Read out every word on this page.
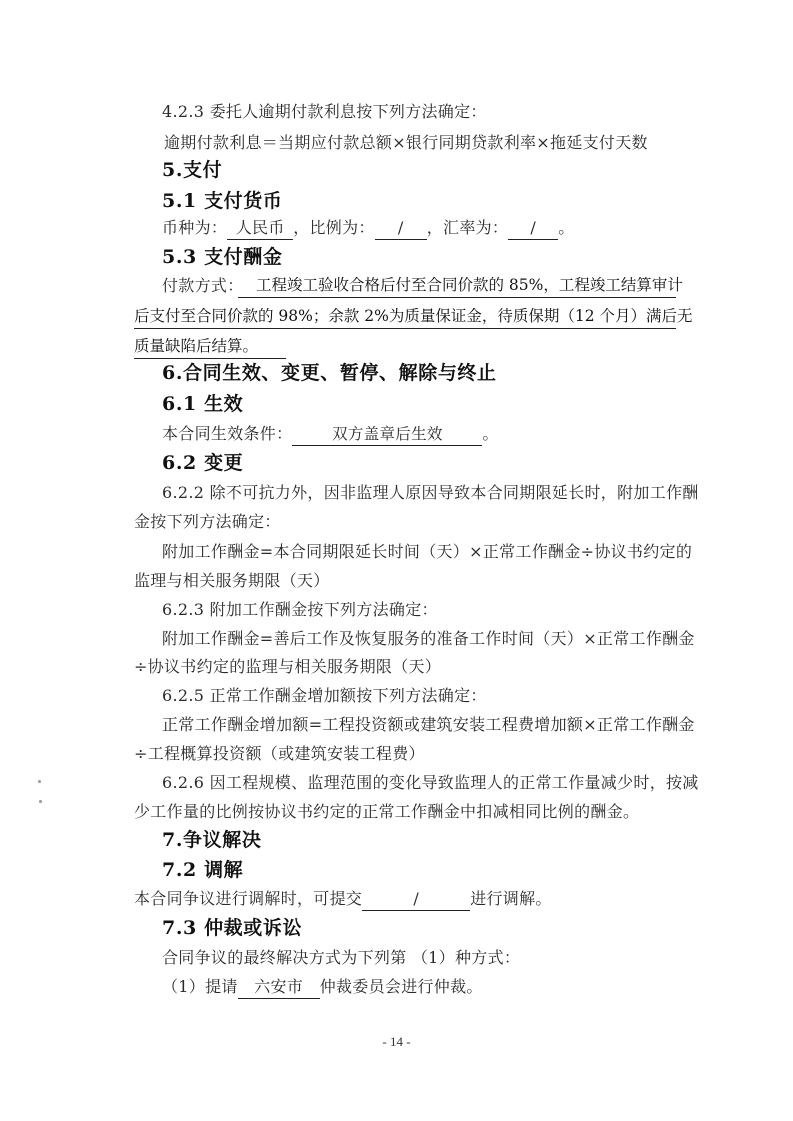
4.2.3 委托人逾期付款利息按下列方法确定：
逾期付款利息＝当期应付款总额×银行同期贷款利率×拖延支付天数
5.支付
5.1 支付货币
币种为： 人民币 ，比例为： / ，汇率为： / 。
5.3 支付酬金
付款方式： 工程竣工验收合格后付至合同价款的 85%，工程竣工结算审计
后支付至合同价款的 98%；余款 2%为质量保证金，待质保期（12 个月）满后无
质量缺陷后结算。
6.合同生效、变更、暂停、解除与终止
6.1 生效
本合同生效条件：	双方盖章后生效 。
6.2 变更
6.2.2 除不可抗力外，因非监理人原因导致本合同期限延长时，附加工作酬
金按下列方法确定：
附加工作酬金=本合同期限延长时间（天）×正常工作酬金÷协议书约定的
监理与相关服务期限（天）
6.2.3 附加工作酬金按下列方法确定：
附加工作酬金=善后工作及恢复服务的准备工作时间（天）×正常工作酬金
÷协议书约定的监理与相关服务期限（天）
6.2.5 正常工作酬金增加额按下列方法确定：
正常工作酬金增加额=工程投资额或建筑安装工程费增加额×正常工作酬金
÷工程概算投资额（或建筑安装工程费）
6.2.6 因工程规模、监理范围的变化导致监理人的正常工作量减少时，按减
少工作量的比例按协议书约定的正常工作酬金中扣减相同比例的酬金。
7.争议解决
7.2 调解
本合同争议进行调解时，可提交	/	进行调解。
7.3 仲裁或诉讼
合同争议的最终解决方式为下列第 （1）种方式：
（1）提请 六安市 仲裁委员会进行仲裁。
- 14 -
